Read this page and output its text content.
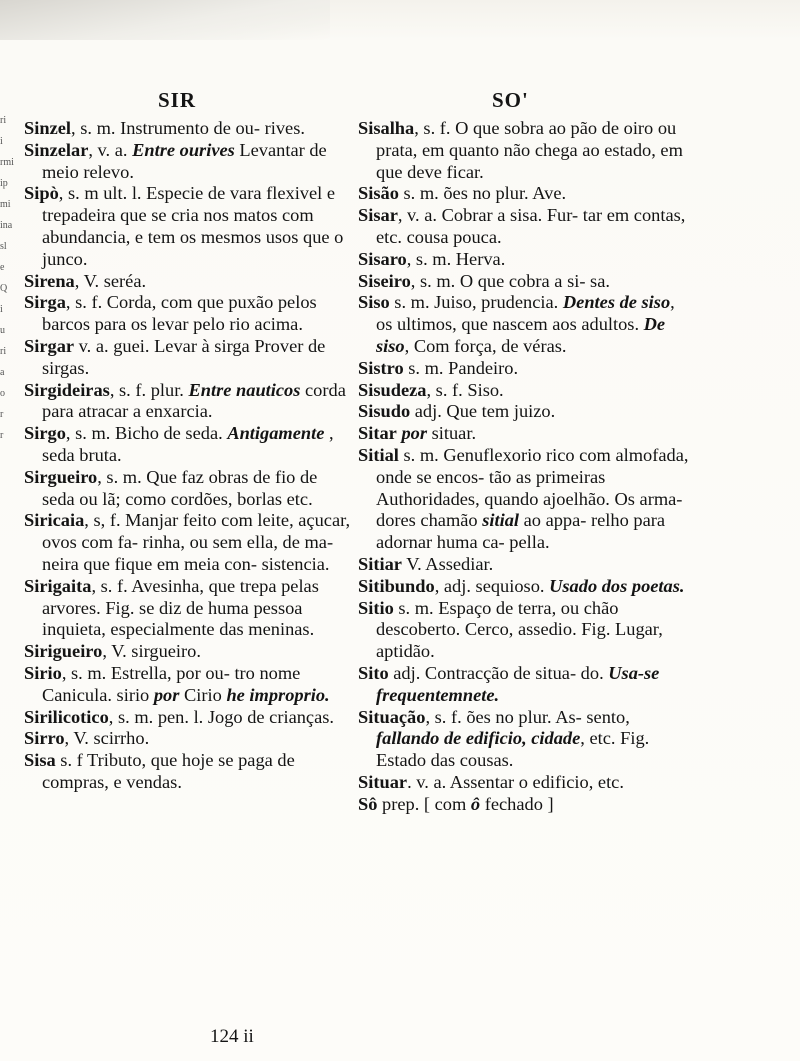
ri
i
rmi
ip
mi
ina
sl
e
Q
i
u
ri
a
o
r
r
SIR	SO'

Sinzel, s. m. Instrumento de ou- rives.

Sinzelar, v. a. Entre ourives Levantar de meio relevo.

Sipò, s. m ult. l. Especie de vara flexivel e trepadeira que se cria nos matos com abundancia, e tem os mesmos usos que o junco.

Sirena, V. seréa.

Sirga, s. f. Corda, com que puxão pelos barcos para os levar pelo rio acima.

Sirgar v. a. guei. Levar à sirga Prover de sirgas.

Sirgideiras, s. f. plur. Entre nauticos corda para atracar a enxarcia.

Sirgo, s. m. Bicho de seda. Antigamente , seda bruta.

Sirgueiro, s. m. Que faz obras de fio de seda ou lã; como cordões, borlas etc.

Siricaia, s, f. Manjar feito com leite, açucar, ovos com fa- rinha, ou sem ella, de ma- neira que fique em meia con- sistencia.

Sirigaita, s. f. Avesinha, que trepa pelas arvores. Fig. se diz de huma pessoa inquieta, especialmente das meninas.

Sirigueiro, V. sirgueiro.

Sirio, s. m. Estrella, por ou- tro nome Canicula. sirio por Cirio he improprio.

Sirilicotico, s. m. pen. l. Jogo de crianças.

Sirro, V. scirrho.

Sisa s. f Tributo, que hoje se paga de compras, e vendas.

Sisalha, s. f. O que sobra ao pão de oiro ou prata, em quanto não chega ao estado, em que deve ficar.

Sisão s. m. ões no plur. Ave.

Sisar, v. a. Cobrar a sisa. Fur- tar em contas, etc. cousa pouca.

Sisaro, s. m. Herva.

Siseiro, s. m. O que cobra a si- sa.

Siso s. m. Juiso, prudencia. Dentes de siso, os ultimos, que nascem aos adultos. De siso, Com força, de véras.

Sistro s. m. Pandeiro.

Sisudeza, s. f. Siso.

Sisudo adj. Que tem juizo.

Sitar por situar.

Sitial s. m. Genuflexorio rico com almofada, onde se encos- tão as primeiras Authoridades, quando ajoelhão. Os arma- dores chamão sitial ao appa- relho para adornar huma ca- pella.

Sitiar V. Assediar.

Sitibundo, adj. sequioso. Usado dos poetas.

Sitio s. m. Espaço de terra, ou chão descoberto. Cerco, assedio. Fig. Lugar, aptidão.

Sito adj. Contracção de situa- do. Usa-se frequentemnete.

Situação, s. f. ões no plur. As- sento, fallando de edificio, cidade, etc. Fig. Estado das cousas.

Situar. v. a. Assentar o edificio, etc.

Sô prep. [ com ô fechado ]

124 ii
